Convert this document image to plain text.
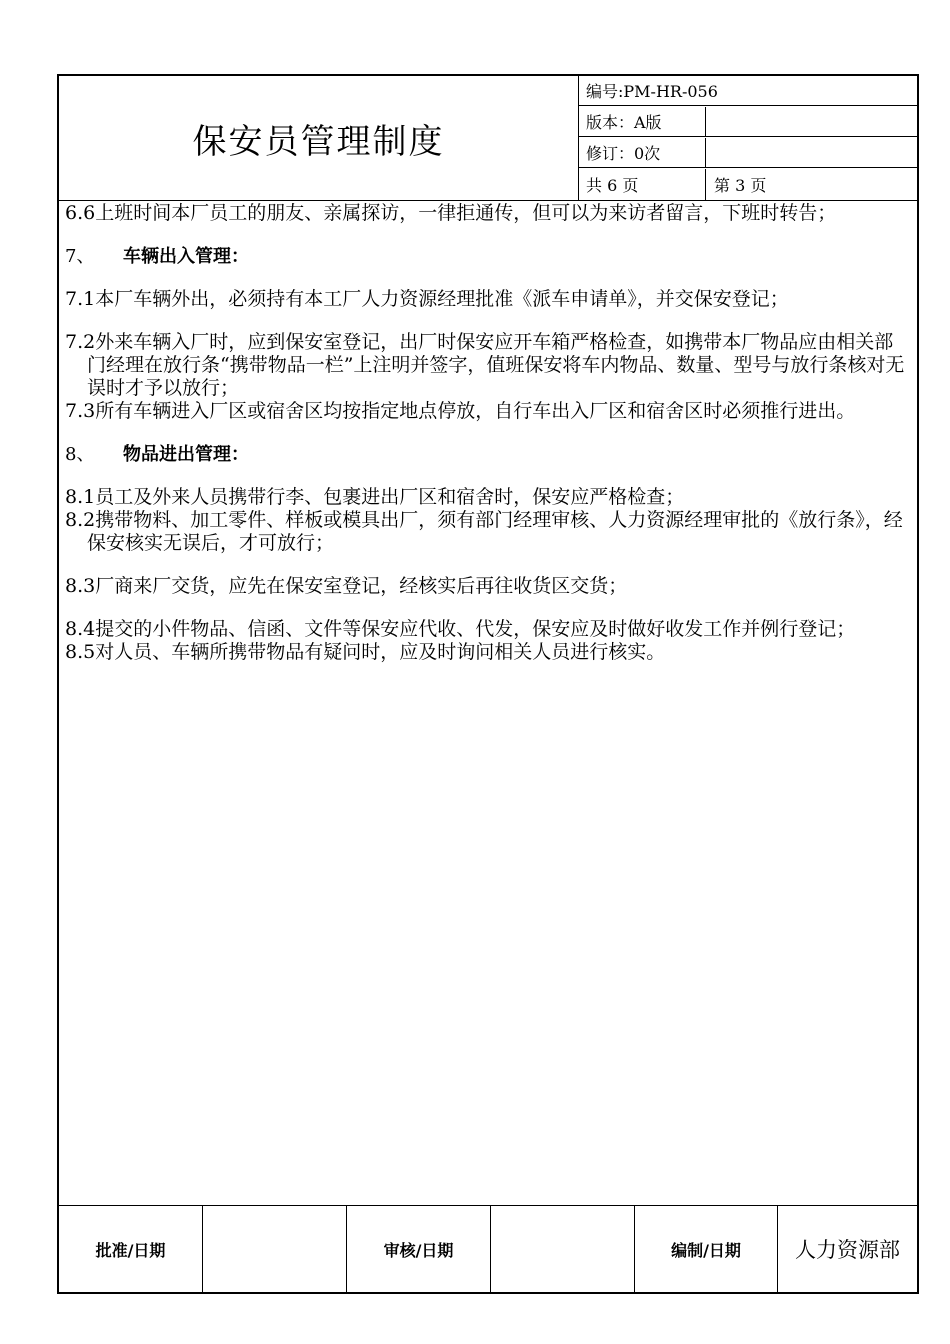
保安员管理制度
编号:PM-HR-056
版本：A版
修订：0次
共 6 页	第 3 页

6.6上班时间本厂员工的朋友、亲属探访，一律拒通传，但可以为来访者留言，下班时转告；

7、 车辆出入管理：

7.1本厂车辆外出，必须持有本工厂人力资源经理批准《派车申请单》，并交保安登记；

7.2外来车辆入厂时，应到保安室登记，出厂时保安应开车箱严格检查，如携带本厂物品应由相关部门经理在放行条“携带物品一栏”上注明并签字，值班保安将车内物品、数量、型号与放行条核对无误时才予以放行；

7.3所有车辆进入厂区或宿舍区均按指定地点停放，自行车出入厂区和宿舍区时必须推行进出。

8、 物品进出管理：

8.1员工及外来人员携带行李、包裹进出厂区和宿舍时，保安应严格检查；

8.2携带物料、加工零件、样板或模具出厂，须有部门经理审核、人力资源经理审批的《放行条》，经保安核实无误后，才可放行；

8.3厂商来厂交货，应先在保安室登记，经核实后再往收货区交货；

8.4提交的小件物品、信函、文件等保安应代收、代发，保安应及时做好收发工作并例行登记；

8.5对人员、车辆所携带物品有疑问时，应及时询问相关人员进行核实。

批准/日期	审核/日期	编制/日期	人力资源部
